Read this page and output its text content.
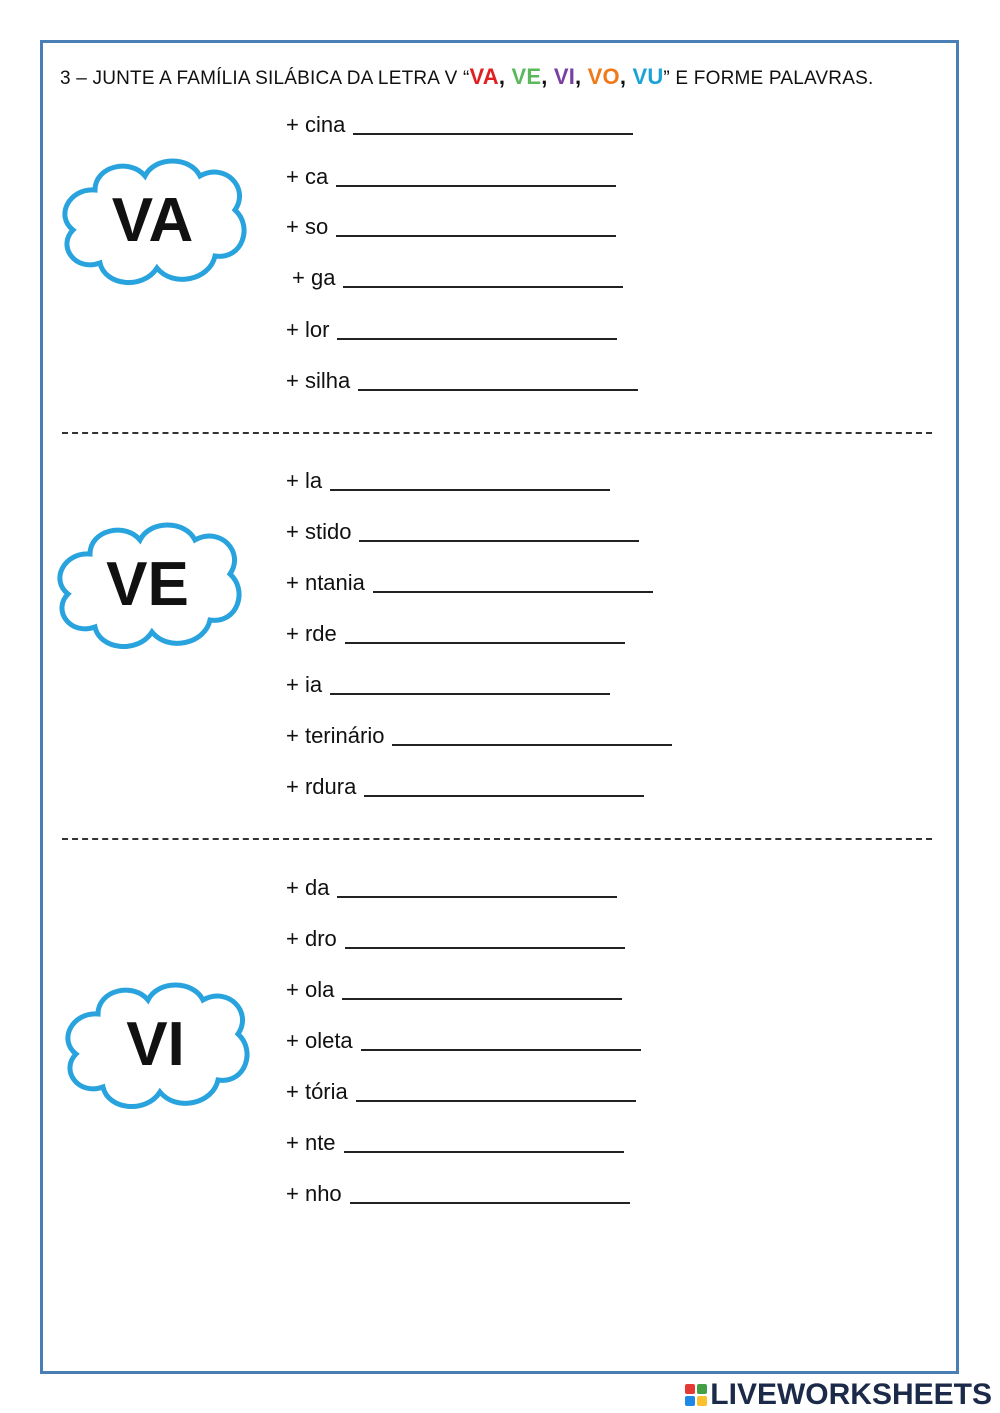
3 – JUNTE A FAMÍLIA SILÁBICA DA LETRA V “VA, VE, VI, VO, VU” E FORME PALAVRAS.
VA
VE
VI
+ cina
+ ca
+ so
+ ga
+ lor
+ silha
+ la
+ stido
+ ntania
+ rde
+ ia
+ terinário
+ rdura
+ da
+ dro
+ ola
+ oleta
+ tória
+ nte
+ nho
LIVEWORKSHEETS
